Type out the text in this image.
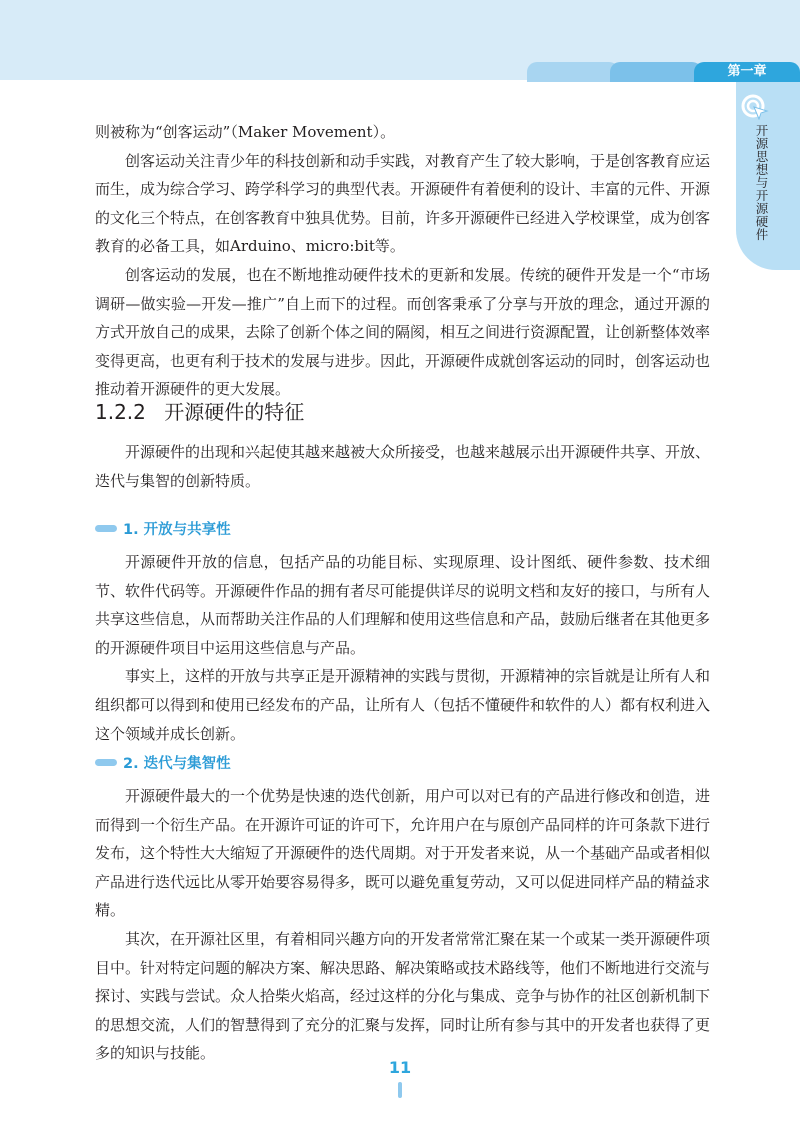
第一章
开源思想与开源硬件

则被称为“创客运动”（Maker Movement）。

创客运动关注青少年的科技创新和动手实践，对教育产生了较大影响，于是创客教育应运而生，成为综合学习、跨学科学习的典型代表。开源硬件有着便利的设计、丰富的元件、开源的文化三个特点，在创客教育中独具优势。目前，许多开源硬件已经进入学校课堂，成为创客教育的必备工具，如Arduino、micro:bit等。

创客运动的发展，也在不断地推动硬件技术的更新和发展。传统的硬件开发是一个“市场调研—做实验—开发—推广”自上而下的过程。而创客秉承了分享与开放的理念，通过开源的方式开放自己的成果，去除了创新个体之间的隔阂，相互之间进行资源配置，让创新整体效率变得更高，也更有利于技术的发展与进步。因此，开源硬件成就创客运动的同时，创客运动也推动着开源硬件的更大发展。

1.2.2 开源硬件的特征

开源硬件的出现和兴起使其越来越被大众所接受，也越来越展示出开源硬件共享、开放、迭代与集智的创新特质。

1. 开放与共享性

开源硬件开放的信息，包括产品的功能目标、实现原理、设计图纸、硬件参数、技术细节、软件代码等。开源硬件作品的拥有者尽可能提供详尽的说明文档和友好的接口，与所有人共享这些信息，从而帮助关注作品的人们理解和使用这些信息和产品，鼓励后继者在其他更多的开源硬件项目中运用这些信息与产品。

事实上，这样的开放与共享正是开源精神的实践与贯彻，开源精神的宗旨就是让所有人和组织都可以得到和使用已经发布的产品，让所有人（包括不懂硬件和软件的人）都有权利进入这个领域并成长创新。

2. 迭代与集智性

开源硬件最大的一个优势是快速的迭代创新，用户可以对已有的产品进行修改和创造，进而得到一个衍生产品。在开源许可证的许可下，允许用户在与原创产品同样的许可条款下进行发布，这个特性大大缩短了开源硬件的迭代周期。对于开发者来说，从一个基础产品或者相似产品进行迭代远比从零开始要容易得多，既可以避免重复劳动，又可以促进同样产品的精益求精。

其次，在开源社区里，有着相同兴趣方向的开发者常常汇聚在某一个或某一类开源硬件项目中。针对特定问题的解决方案、解决思路、解决策略或技术路线等，他们不断地进行交流与探讨、实践与尝试。众人拾柴火焰高，经过这样的分化与集成、竞争与协作的社区创新机制下的思想交流，人们的智慧得到了充分的汇聚与发挥，同时让所有参与其中的开发者也获得了更多的知识与技能。

11
